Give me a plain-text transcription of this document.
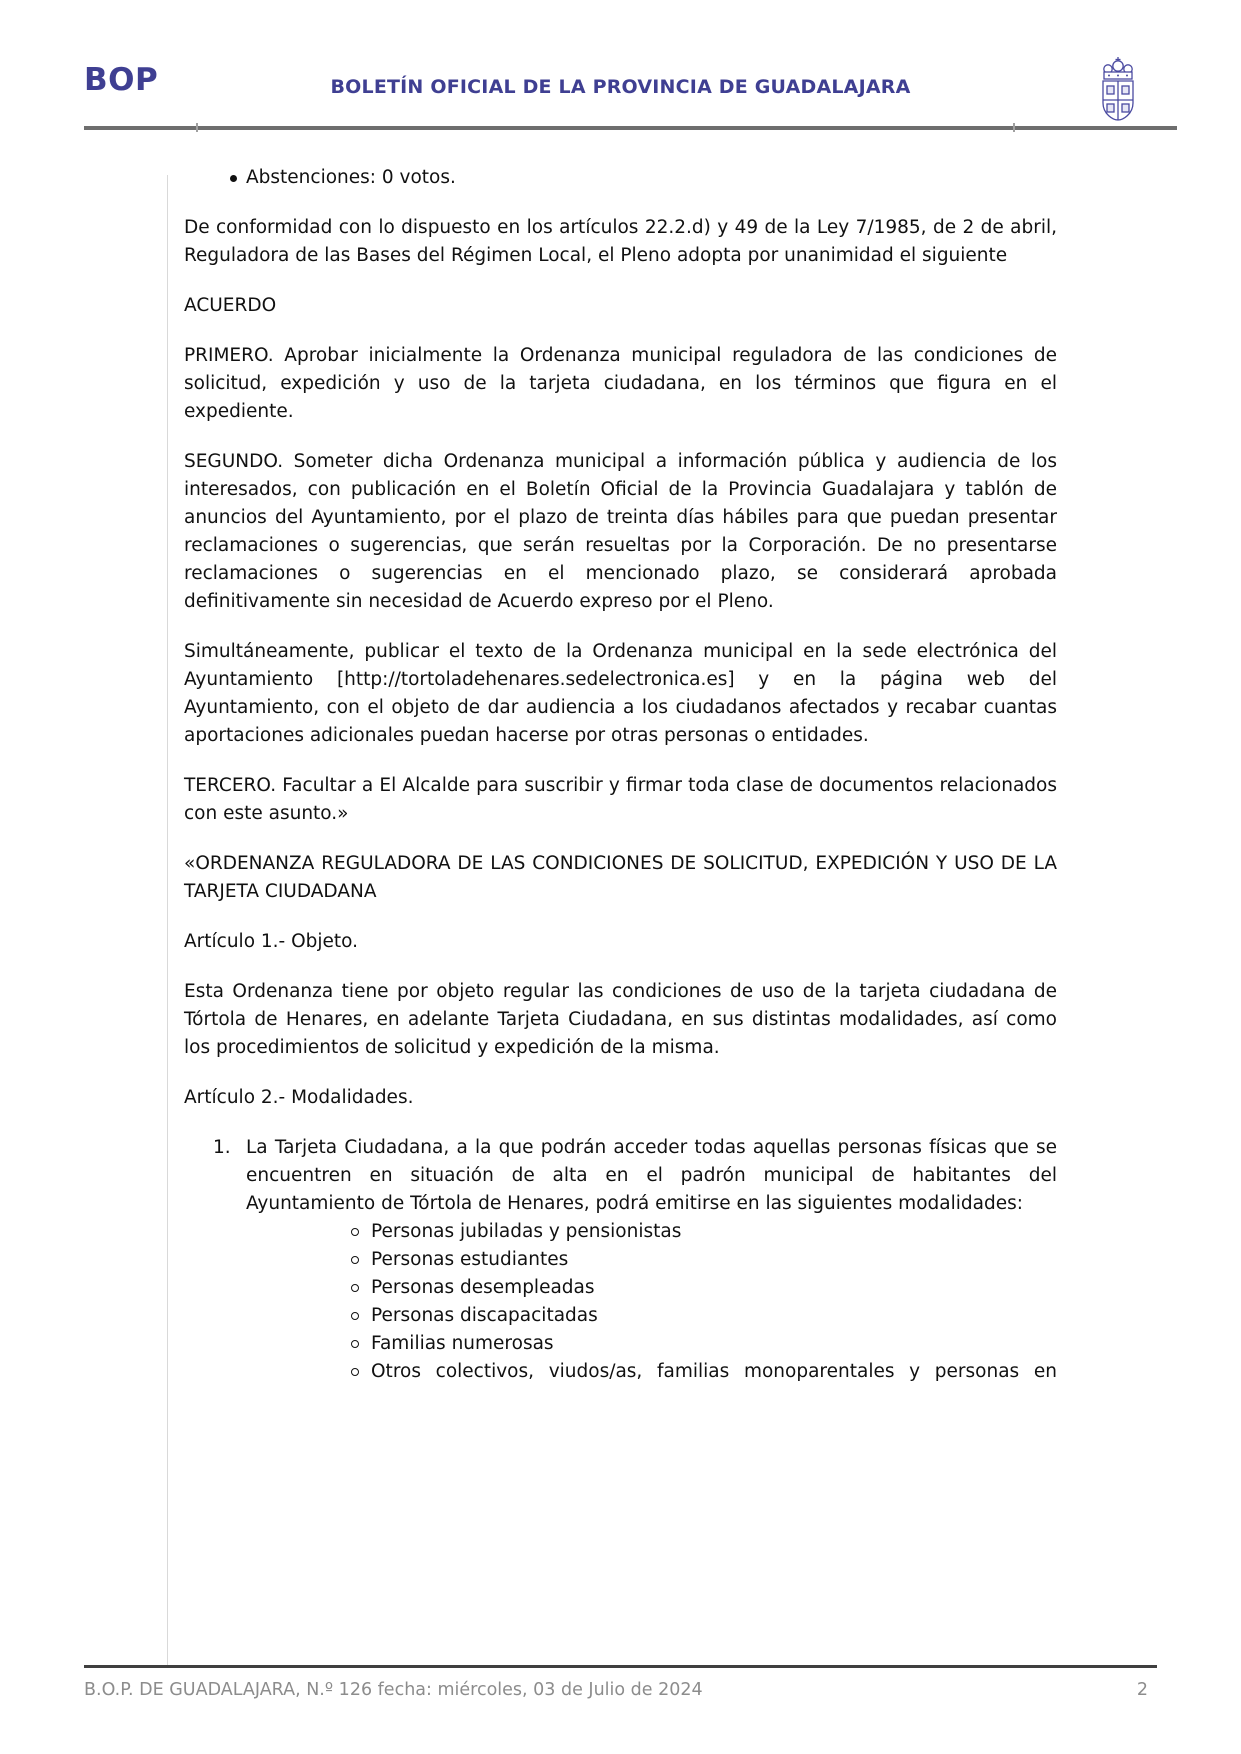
BOP	BOLETÍN OFICIAL DE LA PROVINCIA DE GUADALAJARA
Abstenciones: 0 votos.

De conformidad con lo dispuesto en los artículos 22.2.d) y 49 de la Ley 7/1985, de 2 de abril, Reguladora de las Bases del Régimen Local, el Pleno adopta por unanimidad el siguiente

ACUERDO

PRIMERO. Aprobar inicialmente la Ordenanza municipal reguladora de las condiciones de solicitud, expedición y uso de la tarjeta ciudadana, en los términos que figura en el expediente.

SEGUNDO. Someter dicha Ordenanza municipal a información pública y audiencia de los interesados, con publicación en el Boletín Oficial de la Provincia Guadalajara y tablón de anuncios del Ayuntamiento, por el plazo de treinta días hábiles para que puedan presentar reclamaciones o sugerencias, que serán resueltas por la Corporación. De no presentarse reclamaciones o sugerencias en el mencionado plazo, se considerará aprobada definitivamente sin necesidad de Acuerdo expreso por el Pleno.

Simultáneamente, publicar el texto de la Ordenanza municipal en la sede electrónica del Ayuntamiento [http://tortoladehenares.sedelectronica.es] y en la página web del Ayuntamiento, con el objeto de dar audiencia a los ciudadanos afectados y recabar cuantas aportaciones adicionales puedan hacerse por otras personas o entidades.

TERCERO. Facultar a El Alcalde para suscribir y firmar toda clase de documentos relacionados con este asunto.»

«ORDENANZA REGULADORA DE LAS CONDICIONES DE SOLICITUD, EXPEDICIÓN Y USO DE LA TARJETA CIUDADANA

Artículo 1.- Objeto.

Esta Ordenanza tiene por objeto regular las condiciones de uso de la tarjeta ciudadana de Tórtola de Henares, en adelante Tarjeta Ciudadana, en sus distintas modalidades, así como los procedimientos de solicitud y expedición de la misma.

Artículo 2.- Modalidades.

1. La Tarjeta Ciudadana, a la que podrán acceder todas aquellas personas físicas que se encuentren en situación de alta en el padrón municipal de habitantes del Ayuntamiento de Tórtola de Henares, podrá emitirse en las siguientes modalidades:
Personas jubiladas y pensionistas
Personas estudiantes
Personas desempleadas
Personas discapacitadas
Familias numerosas
Otros colectivos, viudos/as, familias monoparentales y personas en
B.O.P. DE GUADALAJARA, N.º 126 fecha: miércoles, 03 de Julio de 2024	2
